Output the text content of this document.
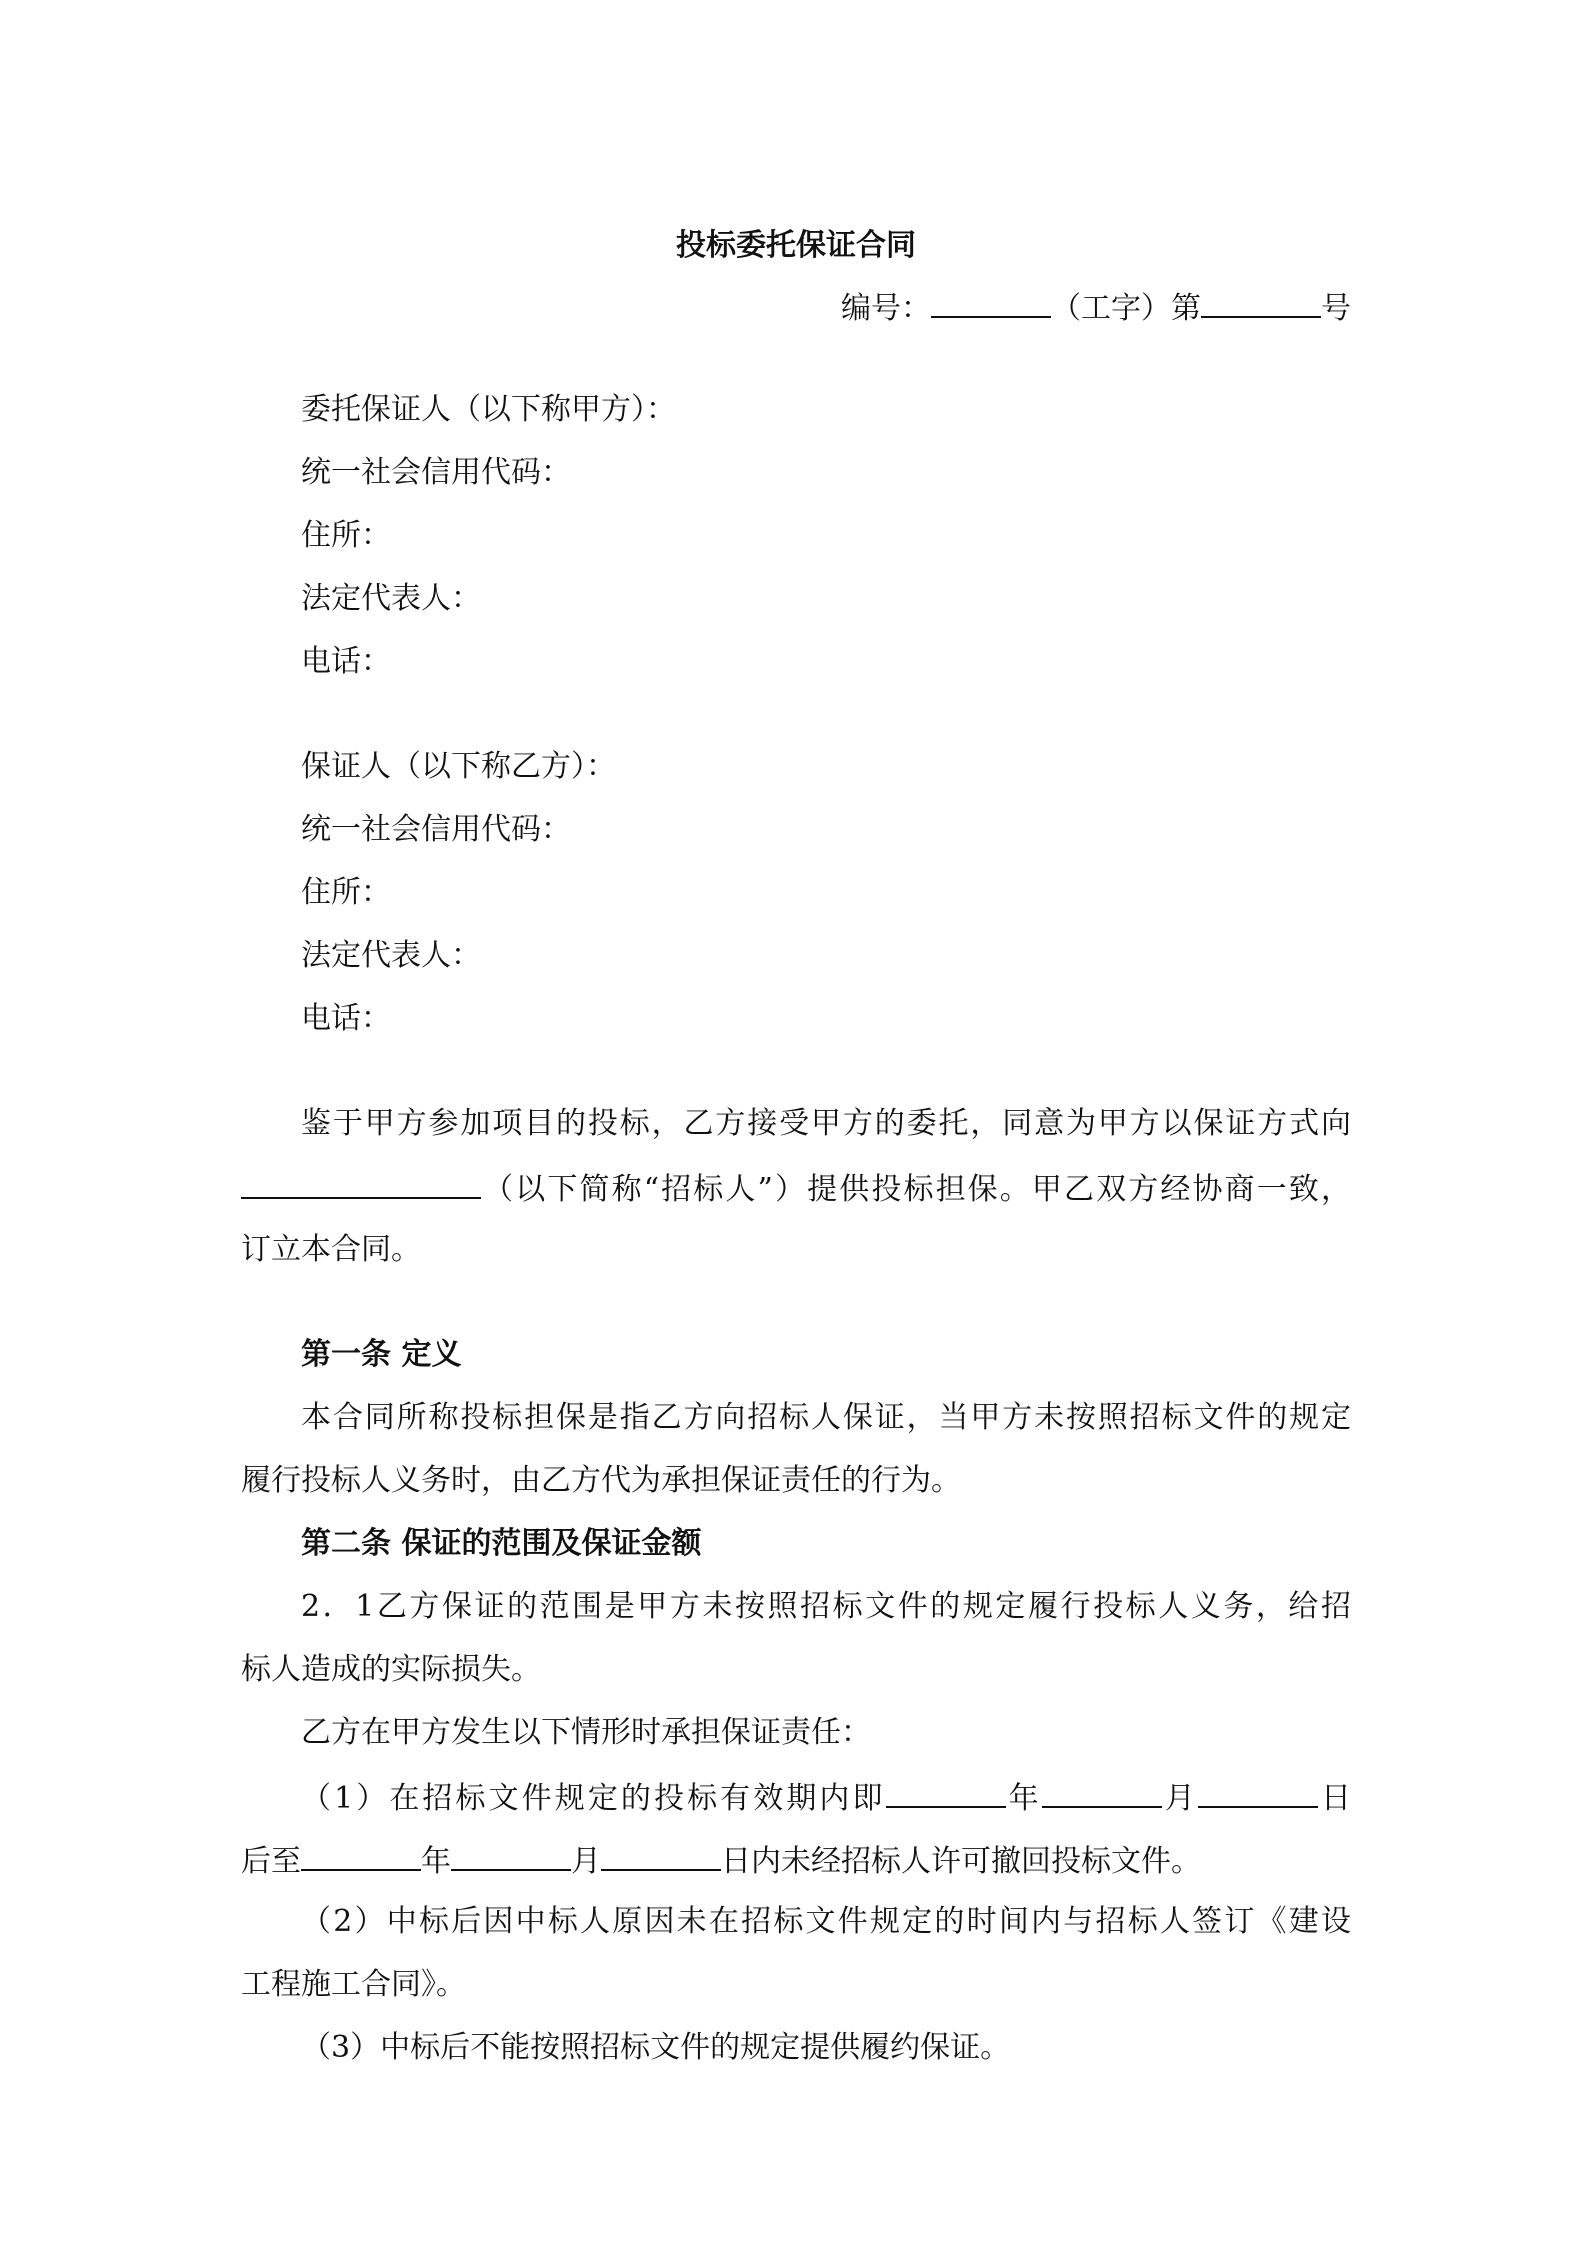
投标委托保证合同
编号：	（工字）第	号
委托保证人（以下称甲方）：
统一社会信用代码：
住所：
法定代表人：
电话：
保证人（以下称乙方）：
统一社会信用代码：
住所：
法定代表人：
电话：
鉴于甲方参加项目的投标，乙方接受甲方的委托，同意为甲方以保证方式向
（以下简称“招标人”）提供投标担保。甲乙双方经协商一致，
订立本合同。
第一条 定义
本合同所称投标担保是指乙方向招标人保证，当甲方未按照招标文件的规定
履行投标人义务时，由乙方代为承担保证责任的行为。
第二条 保证的范围及保证金额
2．1乙方保证的范围是甲方未按照招标文件的规定履行投标人义务，给招
标人造成的实际损失。
乙方在甲方发生以下情形时承担保证责任：
（1）在招标文件规定的投标有效期内即	年	月	日
后至	年	月	日内未经招标人许可撤回投标文件。
（2）中标后因中标人原因未在招标文件规定的时间内与招标人签订《建设
工程施工合同》。
（3）中标后不能按照招标文件的规定提供履约保证。
